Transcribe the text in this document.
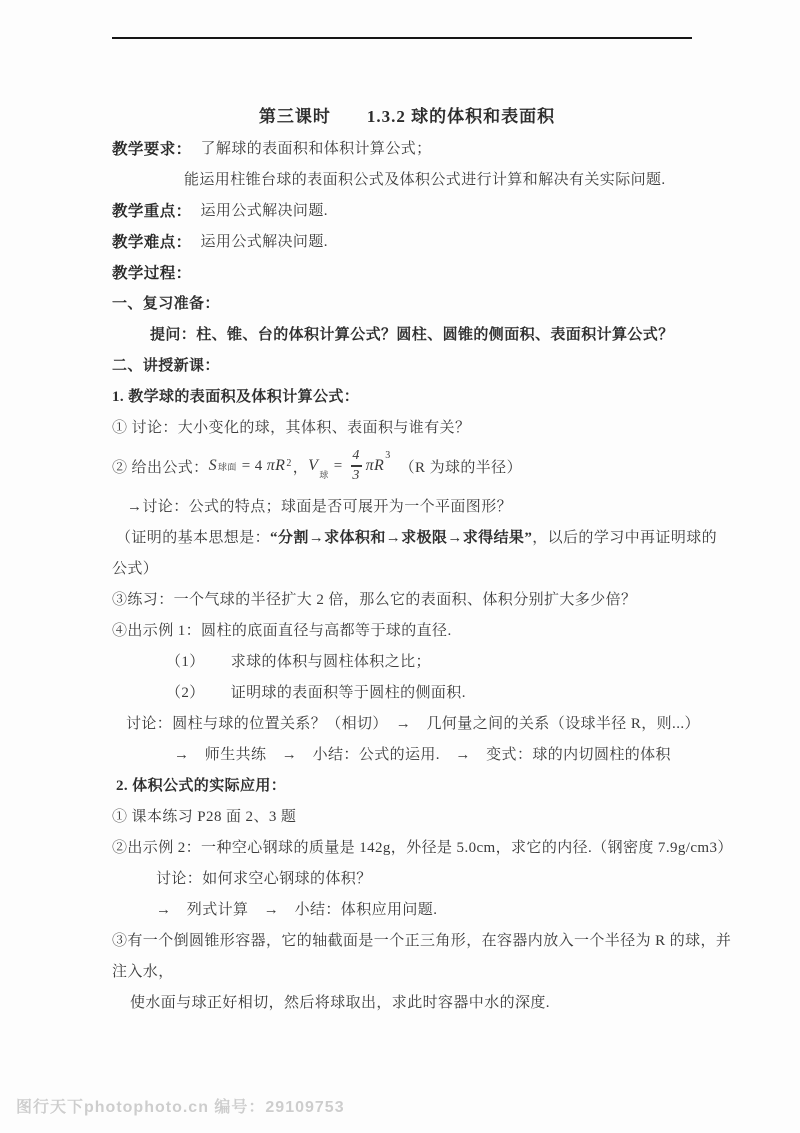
第三课时　　1.3.2 球的体积和表面积
教学要求： 了解球的表面积和体积计算公式；
能运用柱锥台球的表面积公式及体积公式进行计算和解决有关实际问题.
教学重点： 运用公式解决问题.
教学难点： 运用公式解决问题.
教学过程：
一、复习准备：
提问：柱、锥、台的体积计算公式？圆柱、圆锥的侧面积、表面积计算公式？
二、讲授新课：
1. 教学球的表面积及体积计算公式：
① 讨论：大小变化的球，其体积、表面积与谁有关？
② 给出公式： S 球面 = 4 π R 2 ， V
$_球$
= $\frac{4}{3}$ π R
$^3$
（R 为球的半径）
→讨论：公式的特点；球面是否可展开为一个平面图形？
（证明的基本思想是： “分割→求体积和→求极限→求得结果” ，以后的学习中再证明球的
公式）
③练习：一个气球的半径扩大 2 倍，那么它的表面积、体积分别扩大多少倍？
④出示例 1：圆柱的底面直径与高都等于球的直径.
（1） 求球的体积与圆柱体积之比；
（2） 证明球的表面积等于圆柱的侧面积.
讨论：圆柱与球的位置关系？（相切）　→　几何量之间的关系（设球半径 R，则...）
→　师生共练　→　小结：公式的运用.　→　变式：球的内切圆柱的体积
2. 体积公式的实际应用：
① 课本练习 P28 面 2、3 题
②出示例 2：一种空心钢球的质量是 142g，外径是 5.0cm，求它的内径.（钢密度 7.9g/cm3）
讨论：如何求空心钢球的体积？
→　列式计算　→　小结：体积应用问题.
③有一个倒圆锥形容器，它的轴截面是一个正三角形，在容器内放入一个半径为 R 的球，并
注入水，
使水面与球正好相切，然后将球取出，求此时容器中水的深度.
图行天下photophoto.cn 编号：29109753
